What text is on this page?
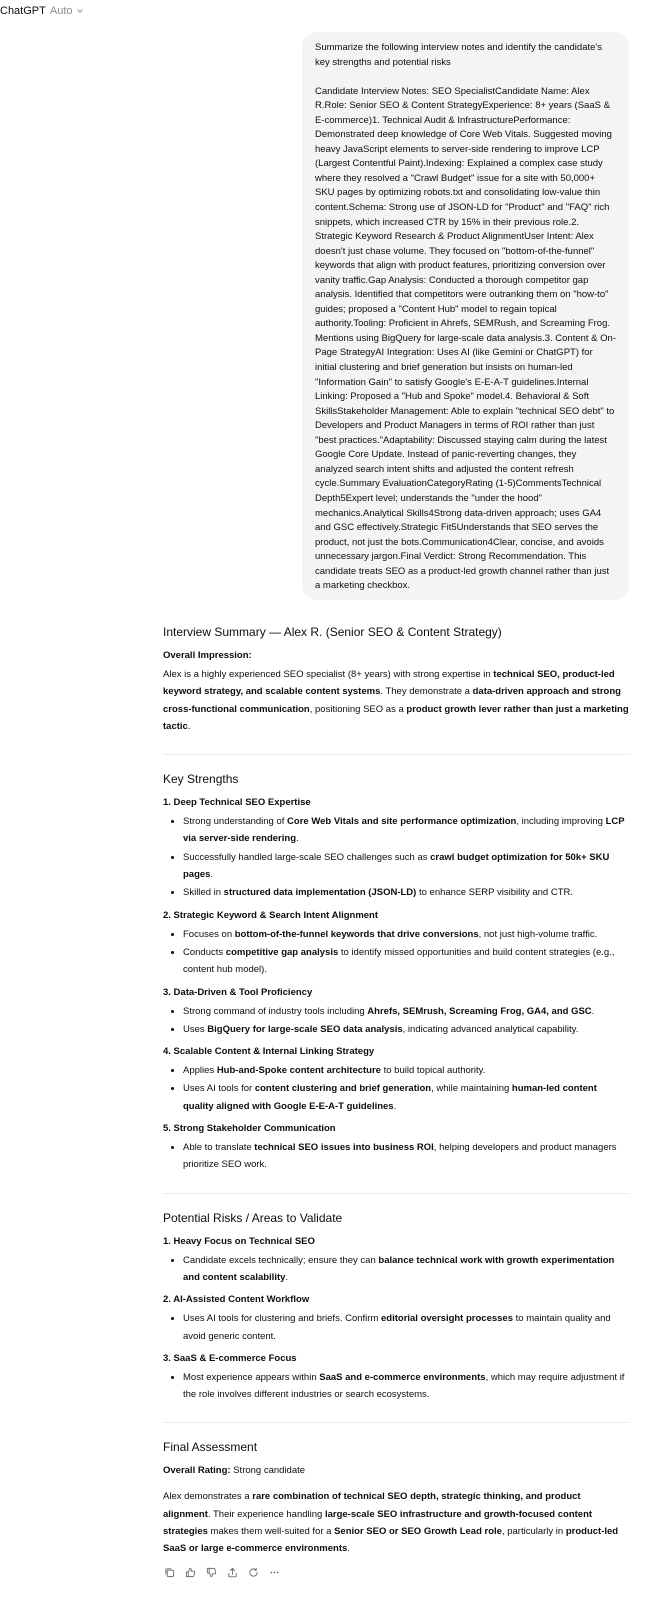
ChatGPT Auto

Summarize the following interview notes and identify the candidate's key strengths and potential risks

Candidate Interview Notes: SEO SpecialistCandidate Name: Alex R.Role: Senior SEO & Content StrategyExperience: 8+ years (SaaS & E-commerce)1. Technical Audit & InfrastructurePerformance: Demonstrated deep knowledge of Core Web Vitals. Suggested moving heavy JavaScript elements to server-side rendering to improve LCP (Largest Contentful Paint).Indexing: Explained a complex case study where they resolved a "Crawl Budget" issue for a site with 50,000+ SKU pages by optimizing robots.txt and consolidating low-value thin content.Schema: Strong use of JSON-LD for "Product" and "FAQ" rich snippets, which increased CTR by 15% in their previous role.2. Strategic Keyword Research & Product AlignmentUser Intent: Alex doesn't just chase volume. They focused on "bottom-of-the-funnel" keywords that align with product features, prioritizing conversion over vanity traffic.Gap Analysis: Conducted a thorough competitor gap analysis. Identified that competitors were outranking them on "how-to" guides; proposed a "Content Hub" model to regain topical authority.Tooling: Proficient in Ahrefs, SEMRush, and Screaming Frog. Mentions using BigQuery for large-scale data analysis.3. Content & On-Page StrategyAI Integration: Uses AI (like Gemini or ChatGPT) for initial clustering and brief generation but insists on human-led "Information Gain" to satisfy Google's E-E-A-T guidelines.Internal Linking: Proposed a "Hub and Spoke" model.4. Behavioral & Soft SkillsStakeholder Management: Able to explain "technical SEO debt" to Developers and Product Managers in terms of ROI rather than just "best practices."Adaptability: Discussed staying calm during the latest Google Core Update. Instead of panic-reverting changes, they analyzed search intent shifts and adjusted the content refresh cycle.Summary EvaluationCategoryRating (1-5)CommentsTechnical Depth5Expert level; understands the "under the hood" mechanics.Analytical Skills4Strong data-driven approach; uses GA4 and GSC effectively.Strategic Fit5Understands that SEO serves the product, not just the bots.Communication4Clear, concise, and avoids unnecessary jargon.Final Verdict: Strong Recommendation. This candidate treats SEO as a product-led growth channel rather than just a marketing checkbox.

Interview Summary — Alex R. (Senior SEO & Content Strategy)

Overall Impression:

Alex is a highly experienced SEO specialist (8+ years) with strong expertise in technical SEO, product-led keyword strategy, and scalable content systems. They demonstrate a data-driven approach and strong cross-functional communication, positioning SEO as a product growth lever rather than just a marketing tactic.

Key Strengths

1. Deep Technical SEO Expertise

• Strong understanding of Core Web Vitals and site performance optimization, including improving LCP via server-side rendering.
• Successfully handled large-scale SEO challenges such as crawl budget optimization for 50k+ SKU pages.
• Skilled in structured data implementation (JSON-LD) to enhance SERP visibility and CTR.

2. Strategic Keyword & Search Intent Alignment

• Focuses on bottom-of-the-funnel keywords that drive conversions, not just high-volume traffic.
• Conducts competitive gap analysis to identify missed opportunities and build content strategies (e.g., content hub model).

3. Data-Driven & Tool Proficiency

• Strong command of industry tools including Ahrefs, SEMrush, Screaming Frog, GA4, and GSC.
• Uses BigQuery for large-scale SEO data analysis, indicating advanced analytical capability.

4. Scalable Content & Internal Linking Strategy

• Applies Hub-and-Spoke content architecture to build topical authority.
• Uses AI tools for content clustering and brief generation, while maintaining human-led content quality aligned with Google E-E-A-T guidelines.

5. Strong Stakeholder Communication

• Able to translate technical SEO issues into business ROI, helping developers and product managers prioritize SEO work.
Potential Risks / Areas to Validate

1. Heavy Focus on Technical SEO

• Candidate excels technically; ensure they can balance technical work with growth experimentation and content scalability.

2. AI-Assisted Content Workflow

• Uses AI tools for clustering and briefs. Confirm editorial oversight processes to maintain quality and avoid generic content.

3. SaaS & E-commerce Focus

• Most experience appears within SaaS and e-commerce environments, which may require adjustment if the role involves different industries or search ecosystems.
Final Assessment

Overall Rating: Strong candidate

Alex demonstrates a rare combination of technical SEO depth, strategic thinking, and product alignment. Their experience handling large-scale SEO infrastructure and growth-focused content strategies makes them well-suited for a Senior SEO or SEO Growth Lead role, particularly in product-led SaaS or large e-commerce environments.
